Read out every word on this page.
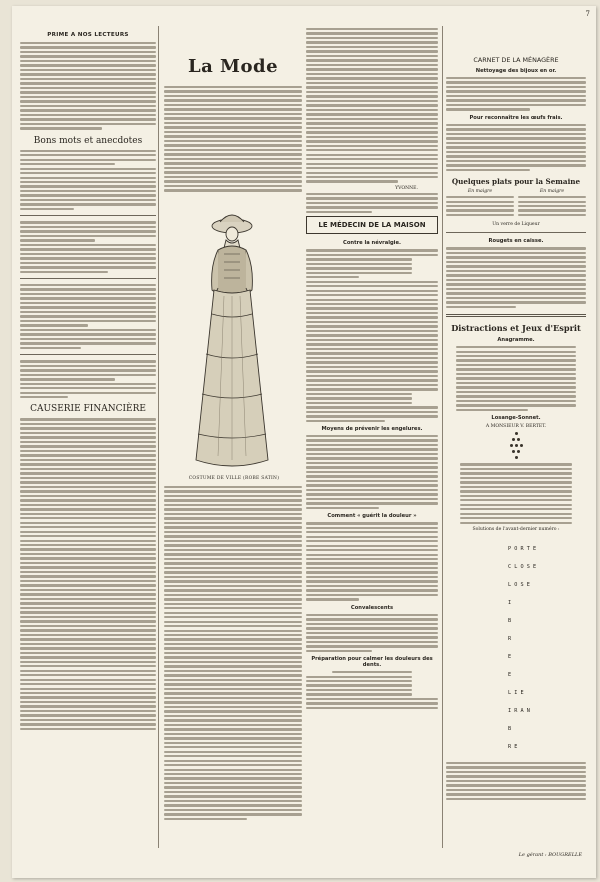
7
PRIME A NOS LECTEURS
Bons mots et anecdotes
CAUSERIE FINANCIÈRE
La Mode
COSTUME DE VILLE (ROBE SATIN)
YVONNE.
LE MÉDECIN DE LA MAISON
Contre la névralgie.
Moyens de prévenir les engelures.
Comment « guérit la douleur »
Convalescents
Préparation pour calmer les douleurs des dents.
CARNET DE LA MÉNAGÈRE
Nettoyage des bijoux en or.
Pour reconnaître les œufs frais.
Quelques plats pour la Semaine
En maigre	En maigre
Un verre de Liqueur
Rougets en caisse.
Distractions et Jeux d'Esprit
Anagramme.
Losange-Sonnet.
A MONSIEUR V. BERTET.

Solutions de l'avant-dernier numéro :

P O R T E

C L O S E

L O S E

I

B

R

E

E

L I E

I R A N

B

R E

Le gérant : BOUGRELLE
